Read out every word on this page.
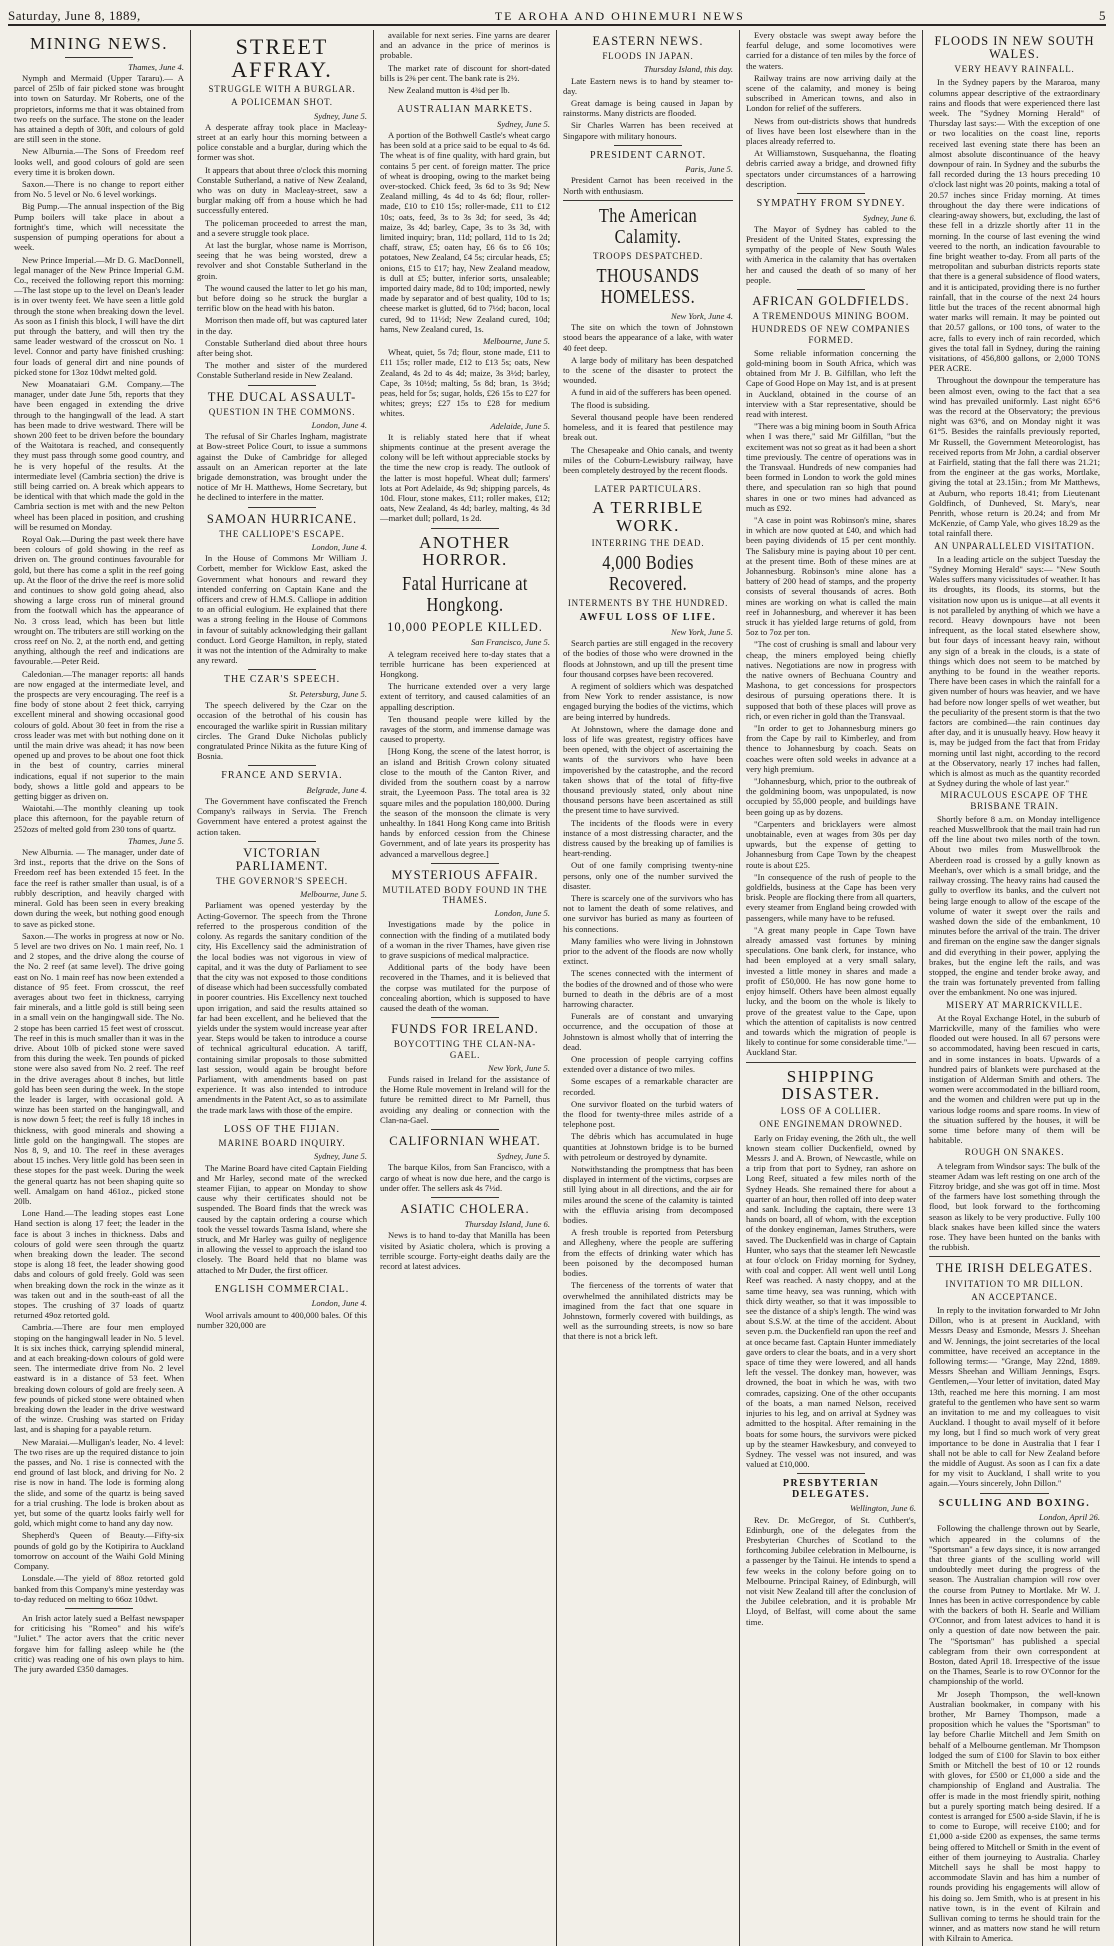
Saturday, June 8, 1889,	TE AROHA AND OHINEMURI NEWS	5
MINING NEWS.
Thames, June 4.

Nymph and Mermaid (Upper Tararu).— A parcel of 25lb of fair picked stone was brought into town on Saturday. Mr Roberts, one of the proprietors, informs me that it was obtained from two reefs on the surface. The stone on the leader has attained a depth of 30ft, and colours of gold are still seen in the stone.

New Alburnia.—The Sons of Freedom reef looks well, and good colours of gold are seen every time it is broken down.

Saxon.—There is no change to report either from No. 5 level or No. 6 level workings.

Big Pump.—The annual inspection of the Big Pump boilers will take place in about a fortnight's time, which will necessitate the suspension of pumping operations for about a week.

New Prince Imperial.—Mr D. G. MacDonnell, legal manager of the New Prince Imperial G.M. Co., received the following report this morning:—The last stope up to the level on Dean's leader is in over twenty feet. We have seen a little gold through the stone when breaking down the level. As soon as I finish this block, I will have the dirt put through the battery, and will then try the same leader westward of the crosscut on No. 1 level. Connor and party have finished crushing: four loads of general dirt and nine pounds of picked stone for 13oz 10dwt melted gold.

New Moanataiari G.M. Company.—The manager, under date June 5th, reports that they have been engaged in extending the drive through to the hangingwall of the lead. A start has been made to drive westward. There will be shown 200 feet to be driven before the boundary of the Waitotara is reached, and consequently they must pass through some good country, and he is very hopeful of the results. At the intermediate level (Cambria section) the drive is still being carried on. A break which appears to be identical with that which made the gold in the Cambria section is met with and the new Pelton wheel has been placed in position, and crushing will be resumed on Monday.

Royal Oak.—During the past week there have been colours of gold showing in the reef as driven on. The ground continues favourable for gold, but there has come a split in the reef going up. At the floor of the drive the reef is more solid and continues to show gold going ahead, also showing a large cross run of mineral ground from the footwall which has the appearance of No. 3 cross lead, which has been but little wrought on. The tributers are still working on the cross reef on No. 2, at the north end, and getting anything, although the reef and indications are favourable.—Peter Reid.

Caledonian.—The manager reports: all hands are now engaged at the intermediate level, and the prospects are very encouraging. The reef is a fine body of stone about 2 feet thick, carrying excellent mineral and showing occasional good colours of gold. About 30 feet in from the rise a cross leader was met with but nothing done on it until the main drive was ahead; it has now been opened up and proves to be about one foot thick in the best of country, carries mineral indications, equal if not superior to the main body, shows a little gold and appears to be getting bigger as driven on.

Waiotahi.—The monthly cleaning up took place this afternoon, for the payable return of 252ozs of melted gold from 230 tons of quartz.

Thames, June 5.

New Alburnia. — The manager, under date of 3rd inst., reports that the drive on the Sons of Freedom reef has been extended 15 feet. In the face the reef is rather smaller than usual, is of a rubbly description, and heavily charged with mineral. Gold has been seen in every breaking down during the week, but nothing good enough to save as picked stone.

Saxon.—The works in progress at now or No. 5 level are two drives on No. 1 main reef, No. 1 and 2 stopes, and the drive along the course of the No. 2 reef (at same level). The drive going east on No. 1 main reef has now been extended a distance of 95 feet. From crosscut, the reef averages about two feet in thickness, carrying fair minerals, and a little gold is still being seen in a small vein on the hangingwall side. The No. 2 stope has been carried 15 feet west of crosscut. The reef in this is much smaller than it was in the drive. About 10lb of picked stone were saved from this during the week. Ten pounds of picked stone were also saved from No. 2 reef. The reef in the drive averages about 8 inches, but little gold has been seen during the week. In the stope the leader is larger, with occasional gold. A winze has been started on the hangingwall, and is now down 5 feet; the reef is fully 18 inches in thickness, with good minerals and showing a little gold on the hangingwall. The stopes are Nos 8, 9, and 10. The reef in these averages about 15 inches. Very little gold has been seen in these stopes for the past week. During the week the general quartz has not been shaping quite so well. Amalgam on hand 461oz., picked stone 20lb.

Lone Hand.—The leading stopes east Lone Hand section is along 17 feet; the leader in the face is about 3 inches in thickness. Dabs and colours of gold were seen through the quartz when breaking down the leader. The second stope is along 18 feet, the leader showing good dabs and colours of gold freely. Gold was seen when breaking down the rock in the winze as it was taken out and in the south-east of all the stopes. The crushing of 37 loads of quartz returned 49oz retorted gold.

Cambria.—There are four men employed stoping on the hangingwall leader in No. 5 level. It is six inches thick, carrying splendid mineral, and at each breaking-down colours of gold were seen. The intermediate drive from No. 2 level eastward is in a distance of 53 feet. When breaking down colours of gold are freely seen. A few pounds of picked stone were obtained when breaking down the leader in the drive westward of the winze. Crushing was started on Friday last, and is shaping for a payable return.

New Maraiai.—Mulligan's leader, No. 4 level: The two rises are up the required distance to join the passes, and No. 1 rise is connected with the end ground of last block, and driving for No. 2 rise is now in hand. The lode is forming along the slide, and some of the quartz is being saved for a trial crushing. The lode is broken about as yet, but some of the quartz looks fairly well for gold, which might come to hand any day now.

Shepherd's Queen of Beauty.—Fifty-six pounds of gold go by the Kotipirira to Auckland tomorrow on account of the Waihi Gold Mining Company.

Lonsdale.—The yield of 88oz retorted gold banked from this Company's mine yesterday was to-day reduced on melting to 66oz 10dwt.

An Irish actor lately sued a Belfast newspaper for criticising his "Romeo" and his wife's "Juliet." The actor avers that the critic never forgave him for falling asleep while he (the critic) was reading one of his own plays to him. The jury awarded £350 damages.

STREET AFFRAY.
STRUGGLE WITH A BURGLAR.
A POLICEMAN SHOT.
Sydney, June 5.

A desperate affray took place in Macleay-street at an early hour this morning between a police constable and a burglar, during which the former was shot.

It appears that about three o'clock this morning Constable Sutherland, a native of New Zealand, who was on duty in Macleay-street, saw a burglar making off from a house which he had successfully entered.

The policeman proceeded to arrest the man, and a severe struggle took place.

At last the burglar, whose name is Morrison, seeing that he was being worsted, drew a revolver and shot Constable Sutherland in the groin.

The wound caused the latter to let go his man, but before doing so he struck the burglar a terrific blow on the head with his baton.

Morrison then made off, but was captured later in the day.

Constable Sutherland died about three hours after being shot.

The mother and sister of the murdered Constable Sutherland reside in New Zealand.

THE DUCAL ASSAULT-
QUESTION IN THE COMMONS.
London, June 4.

The refusal of Sir Charles Ingham, magistrate at Bow-street Police Court, to issue a summons against the Duke of Cambridge for alleged assault on an American reporter at the late brigade demonstration, was brought under the notice of Mr H. Matthews, Home Secretary, but he declined to interfere in the matter.

SAMOAN HURRICANE.
THE CALLIOPE'S ESCAPE.
London, June 4.

In the House of Commons Mr William J. Corbett, member for Wicklow East, asked the Government what honours and reward they intended conferring on Captain Kane and the officers and crew of H.M.S. Calliope in addition to an official eulogium. He explained that there was a strong feeling in the House of Commons in favour of suitably acknowledging their gallant conduct. Lord George Hamilton, in reply, stated it was not the intention of the Admiralty to make any reward.

THE CZAR'S SPEECH.
St. Petersburg, June 5.

The speech delivered by the Czar on the occasion of the betrothal of his cousin has encouraged the warlike spirit in Russian military circles. The Grand Duke Nicholas publicly congratulated Prince Nikita as the future King of Bosnia.

FRANCE AND SERVIA.
Belgrade, June 4.

The Government have confiscated the French Company's railways in Servia. The French Government have entered a protest against the action taken.

VICTORIAN PARLIAMENT.
THE GOVERNOR'S SPEECH.
Melbourne, June 5.

Parliament was opened yesterday by the Acting-Governor. The speech from the Throne referred to the prosperous condition of the colony. As regards the sanitary condition of the city, His Excellency said the administration of the local bodies was not vigorous in view of capital, and it was the duty of Parliament to see that the city was not exposed to those conditions of disease which had been successfully combated in poorer countries. His Excellency next touched upon irrigation, and said the results attained so far had been excellent, and he believed that the yields under the system would increase year after year. Steps would be taken to introduce a course of technical agricultural education. A tariff, containing similar proposals to those submitted last session, would again be brought before Parliament, with amendments based on past experience. It was also intended to introduce amendments in the Patent Act, so as to assimilate the trade mark laws with those of the empire.

LOSS OF THE FIJIAN.
MARINE BOARD INQUIRY.
Sydney, June 5.

The Marine Board have cited Captain Fielding and Mr Harley, second mate of the wrecked steamer Fijian, to appear on Monday to show cause why their certificates should not be suspended. The Board finds that the wreck was caused by the captain ordering a course which took the vessel towards Tasma Island, where she struck, and Mr Harley was guilty of negligence in allowing the vessel to approach the island too closely. The Board held that no blame was attached to Mr Duder, the first officer.

ENGLISH COMMERCIAL.
London, June 4.

Wool arrivals amount to 400,000 bales. Of this number 320,000 are

available for next series. Fine yarns are dearer and an advance in the price of merinos is probable.

The market rate of discount for short-dated bills is 2⅜ per cent. The bank rate is 2½.

New Zealand mutton is 4¾d per lb.

AUSTRALIAN MARKETS.
Sydney, June 5.

A portion of the Bothwell Castle's wheat cargo has been sold at a price said to be equal to 4s 6d. The wheat is of fine quality, with hard grain, but contains 5 per cent. of foreign matter. The price of wheat is drooping, owing to the market being over-stocked. Chick feed, 3s 6d to 3s 9d; New Zealand milling, 4s 4d to 4s 6d; flour, roller-made, £10 to £10 15s; roller-made, £11 to £12 10s; oats, feed, 3s to 3s 3d; for seed, 3s 4d; maize, 3s 4d; barley, Cape, 3s to 3s 3d, with limited inquiry; bran, 11d; pollard, 11d to 1s 2d; chaff, straw, £5; oaten hay, £6 6s to £6 10s; potatoes, New Zealand, £4 5s; circular heads, £5; onions, £15 to £17; hay, New Zealand meadow, is dull at £5; butter, inferior sorts, unsaleable; imported dairy made, 8d to 10d; imported, newly made by separator and of best quality, 10d to 1s; cheese market is glutted, 6d to 7½d; bacon, local cured, 9d to 11½d; New Zealand cured, 10d; hams, New Zealand cured, 1s.

Melbourne, June 5.

Wheat, quiet, 5s 7d; flour, stone made, £11 to £11 15s; roller made, £12 to £13 5s; oats, New Zealand, 4s 2d to 4s 4d; maize, 3s 3½d; barley, Cape, 3s 10½d; malting, 5s 8d; bran, 1s 3½d; peas, held for 5s; sugar, holds, £26 15s to £27 for whites; greys; £27 15s to £28 for medium whites.

Adelaide, June 5.

It is reliably stated here that if wheat shipments continue at the present average the colony will be left without appreciable stocks by the time the new crop is ready. The outlook of the latter is most hopeful. Wheat dull; farmers' lots at Port Adelaide, 4s 9d; shipping parcels, 4s 10d. Flour, stone makes, £11; roller makes, £12; oats, New Zealand, 4s 4d; barley, malting, 4s 3d—market dull; pollard, 1s 2d.

ANOTHER HORROR.
Fatal Hurricane at Hongkong.
10,000 PEOPLE KILLED.
San Francisco, June 5.

A telegram received here to-day states that a terrible hurricane has been experienced at Hongkong.

The hurricane extended over a very large extent of territory, and caused calamities of an appalling description.

Ten thousand people were killed by the ravages of the storm, and immense damage was caused to property.

[Hong Kong, the scene of the latest horror, is an island and British Crown colony situated close to the mouth of the Canton River, and divided from the southern coast by a narrow strait, the Lyeemoon Pass. The total area is 32 square miles and the population 180,000. During the season of the monsoon the climate is very unhealthy. In 1841 Hong Kong came into British hands by enforced cession from the Chinese Government, and of late years its prosperity has advanced a marvellous degree.]

MYSTERIOUS AFFAIR.
MUTILATED BODY FOUND IN THE THAMES.
London, June 5.

Investigations made by the police in connection with the finding of a mutilated body of a woman in the river Thames, have given rise to grave suspicions of medical malpractice.

Additional parts of the body have been recovered in the Thames, and it is believed that the corpse was mutilated for the purpose of concealing abortion, which is supposed to have caused the death of the woman.

FUNDS FOR IRELAND.
BOYCOTTING THE CLAN-NA-GAEL.
New York, June 5.

Funds raised in Ireland for the assistance of the Home Rule movement in Ireland will for the future be remitted direct to Mr Parnell, thus avoiding any dealing or connection with the Clan-na-Gael.

CALIFORNIAN WHEAT.
Sydney, June 5.

The barque Kilos, from San Francisco, with a cargo of wheat is now due here, and the cargo is under offer. The sellers ask 4s 7½d.

ASIATIC CHOLERA.
Thursday Island, June 6.

News is to hand to-day that Manilla has been visited by Asiatic cholera, which is proving a terrible scourge. Forty-eight deaths daily are the record at latest advices.

EASTERN NEWS.
FLOODS IN JAPAN.
Thursday Island, this day.

Late Eastern news is to hand by steamer to-day.

Great damage is being caused in Japan by rainstorms. Many districts are flooded.

Sir Charles Warren has been received at Singapore with military honours.

PRESIDENT CARNOT.
Paris, June 5.

President Carnot has been received in the North with enthusiasm.

The American Calamity.
TROOPS DESPATCHED.
THOUSANDS HOMELESS.
New York, June 4.

The site on which the town of Johnstown stood bears the appearance of a lake, with water 40 feet deep.

A large body of military has been despatched to the scene of the disaster to protect the wounded.

A fund in aid of the sufferers has been opened.

The flood is subsiding.

Several thousand people have been rendered homeless, and it is feared that pestilence may break out.

The Chesapeake and Ohio canals, and twenty miles of the Coburn-Lewisbury railway, have been completely destroyed by the recent floods.

LATER PARTICULARS.
A TERRIBLE WORK.
INTERRING THE DEAD.
4,000 Bodies Recovered.
INTERMENTS BY THE HUNDRED.
AWFUL LOSS OF LIFE.
New York, June 5.

Search parties are still engaged in the recovery of the bodies of those who were drowned in the floods at Johnstown, and up till the present time four thousand corpses have been recovered.

A regiment of soldiers which was despatched from New York to render assistance, is now engaged burying the bodies of the victims, which are being interred by hundreds.

At Johnstown, where the damage done and loss of life was greatest, registry offices have been opened, with the object of ascertaining the wants of the survivors who have been impoverished by the catastrophe, and the record taken shows that of the total of fifty-five thousand previously stated, only about nine thousand persons have been ascertained as still the present time to have survived.

The incidents of the floods were in every instance of a most distressing character, and the distress caused by the breaking up of families is heart-rending.

Out of one family comprising twenty-nine persons, only one of the number survived the disaster.

There is scarcely one of the survivors who has not to lament the death of some relatives, and one survivor has buried as many as fourteen of his connections.

Many families who were living in Johnstown prior to the advent of the floods are now wholly extinct.

The scenes connected with the interment of the bodies of the drowned and of those who were burned to death in the débris are of a most harrowing character.

Funerals are of constant and unvarying occurrence, and the occupation of those at Johnstown is almost wholly that of interring the dead.

One procession of people carrying coffins extended over a distance of two miles.

Some escapes of a remarkable character are recorded.

One survivor floated on the turbid waters of the flood for twenty-three miles astride of a telephone post.

The débris which has accumulated in huge quantities at Johnstown bridge is to be burned with petroleum or destroyed by dynamite.

Notwithstanding the promptness that has been displayed in interment of the victims, corpses are still lying about in all directions, and the air for miles around the scene of the calamity is tainted with the effluvia arising from decomposed bodies.

A fresh trouble is reported from Petersburg and Allegheny, where the people are suffering from the effects of drinking water which has been poisoned by the decomposed human bodies.

The fierceness of the torrents of water that overwhelmed the annihilated districts may be imagined from the fact that one square in Johnstown, formerly covered with buildings, as well as the surrounding streets, is now so bare that there is not a brick left.

Every obstacle was swept away before the fearful deluge, and some locomotives were carried for a distance of ten miles by the force of the waters.

Railway trains are now arriving daily at the scene of the calamity, and money is being subscribed in American towns, and also in London for relief of the sufferers.

News from out-districts shows that hundreds of lives have been lost elsewhere than in the places already referred to.

At Williamstown, Susquehanna, the floating debris carried away a bridge, and drowned fifty spectators under circumstances of a harrowing description.

SYMPATHY FROM SYDNEY.
Sydney, June 6.

The Mayor of Sydney has cabled to the President of the United States, expressing the sympathy of the people of New South Wales with America in the calamity that has overtaken her and caused the death of so many of her people.

AFRICAN GOLDFIELDS.
A TREMENDOUS MINING BOOM.
HUNDREDS OF NEW COMPANIES FORMED.

Some reliable information concerning the gold-mining boom in South Africa, which was obtained from Mr J. B. Gilfillan, who left the Cape of Good Hope on May 1st, and is at present in Auckland, obtained in the course of an interview with a Star representative, should be read with interest.

"There was a big mining boom in South Africa when I was there," said Mr Gilfillan, "but the excitement was not so great as it had been a short time previously. The centre of operations was in the Transvaal. Hundreds of new companies had been formed in London to work the gold mines there, and speculation ran so high that pound shares in one or two mines had advanced as much as £92.

"A case in point was Robinson's mine, shares in which are now quoted at £40, and which had been paying dividends of 15 per cent monthly. The Salisbury mine is paying about 10 per cent. at the present time. Both of these mines are at Johannesburg. Robinson's mine alone has a battery of 200 head of stamps, and the property consists of several thousands of acres. Both mines are working on what is called the main reef in Johannesburg, and wherever it has been struck it has yielded large returns of gold, from 5oz to 7oz per ton.

"The cost of crushing is small and labour very cheap, the miners employed being chiefly natives. Negotiations are now in progress with the native owners of Bechuana Country and Mashona, to get concessions for prospectors desirous of pursuing operations there. It is supposed that both of these places will prove as rich, or even richer in gold than the Transvaal.

"In order to get to Johannesburg miners go from the Cape by rail to Kimberley, and from thence to Johannesburg by coach. Seats on coaches were often sold weeks in advance at a very high premium.

"Johannesburg, which, prior to the outbreak of the goldmining boom, was unpopulated, is now occupied by 55,000 people, and buildings have been going up as by dozens.

"Carpenters and bricklayers were almost unobtainable, even at wages from 30s per day upwards, but the expense of getting to Johannesburg from Cape Town by the cheapest route is about £25.

"In consequence of the rush of people to the goldfields, business at the Cape has been very brisk. People are flocking there from all quarters, every steamer from England being crowded with passengers, while many have to be refused.

"A great many people in Cape Town have already amassed vast fortunes by mining speculations. One bank clerk, for instance, who had been employed at a very small salary, invested a little money in shares and made a profit of £50,000. He has now gone home to enjoy himself. Others have been almost equally lucky, and the boom on the whole is likely to prove of the greatest value to the Cape, upon which the attention of capitalists is now centred and towards which the migration of people is likely to continue for some considerable time."—Auckland Star.

SHIPPING DISASTER.
LOSS OF A COLLIER.
ONE ENGINEMAN DROWNED.

Early on Friday evening, the 26th ult., the well known steam collier Duckenfield, owned by Messrs J. and A. Brown, of Newcastle, while on a trip from that port to Sydney, ran ashore on Long Reef, situated a few miles north of the Sydney Heads. She remained there for about a quarter of an hour, then rolled off into deep water and sank. Including the captain, there were 13 hands on board, all of whom, with the exception of the donkey engineman, James Struthers, were saved. The Duckenfield was in charge of Captain Hunter, who says that the steamer left Newcastle at four o'clock on Friday morning for Sydney, with coal and copper. All went well until Long Reef was reached. A nasty choppy, and at the same time heavy, sea was running, which with thick dirty weather, so that it was impossible to see the distance of a ship's length. The wind was about S.S.W. at the time of the accident. About seven p.m. the Duckenfield ran upon the reef and at once became fast. Captain Hunter immediately gave orders to clear the boats, and in a very short space of time they were lowered, and all hands left the vessel. The donkey man, however, was drowned, the boat in which he was, with two comrades, capsizing. One of the other occupants of the boats, a man named Nelson, received injuries to his leg, and on arrival at Sydney was admitted to the hospital. After remaining in the boats for some hours, the survivors were picked up by the steamer Hawkesbury, and conveyed to Sydney. The vessel was not insured, and was valued at £10,000.

PRESBYTERIAN DELEGATES.
Wellington, June 6.

Rev. Dr. McGregor, of St. Cuthbert's, Edinburgh, one of the delegates from the Presbyterian Churches of Scotland to the forthcoming Jubilee celebration in Melbourne, is a passenger by the Tainui. He intends to spend a few weeks in the colony before going on to Melbourne. Principal Rainey, of Edinburgh, will not visit New Zealand till after the conclusion of the Jubilee celebration, and it is probable Mr Lloyd, of Belfast, will come about the same time.

FLOODS IN NEW SOUTH WALES.
VERY HEAVY RAINFALL.

In the Sydney papers by the Mararoa, many columns appear descriptive of the extraordinary rains and floods that were experienced there last week. The "Sydney Morning Herald" of Thursday last says:— With the exception of one or two localities on the coast line, reports received last evening state there has been an almost absolute discontinuance of the heavy downpour of rain. In Sydney and the suburbs the fall recorded during the 13 hours preceding 10 o'clock last night was 20 points, making a total of 20.57 inches since Friday morning. At times throughout the day there were indications of clearing-away showers, but, excluding, the last of these fell in a drizzle shortly after 11 in the morning. In the course of last evening the wind veered to the north, an indication favourable to fine bright weather to-day. From all parts of the metropolitan and suburban districts reports state that there is a general subsidence of flood waters, and it is anticipated, providing there is no further rainfall, that in the course of the next 24 hours little but the traces of the recent abnormal high water marks will remain. It may be pointed out that 20.57 gallons, or 100 tons, of water to the acre, falls to every inch of rain recorded, which gives the total fall in Sydney, during the raining visitations, of 456,800 gallons, or 2,000 TONS PER ACRE.

Throughout the downpour the temperature has been almost even, owing to the fact that a sea wind has prevailed uniformly. Last night 65°6 was the record at the Observatory; the previous night was 63°6, and on Monday night it was 61°5. Besides the rainfalls previously reported, Mr Russell, the Government Meteorologist, has received reports from Mr John, a cardial observer at Fairfield, stating that the fall there was 21.21; from the engineer at the gas works, Mortlake, giving the total at 23.15in.; from Mr Matthews, at Auburn, who reports 18.41; from Lieutenant Goldfinch, of Dunheved, St. Mary's, near Penrith, whose return is 20.24; and from Mr McKenzie, of Camp Yale, who gives 18.29 as the total rainfall there.

AN UNPARALLELED VISITATION.

In a leading article on the subject Tuesday the "Sydney Morning Herald" says:— "New South Wales suffers many vicissitudes of weather. It has its droughts, its floods, its storms, but the visitation now upon us is unique—at all events it is not paralleled by anything of which we have a record. Heavy downpours have not been infrequent, as the local stated elsewhere show, but four days of incessant heavy rain, without any sign of a break in the clouds, is a state of things which does not seem to be matched by anything to be found in the weather reports. There have been cases in which the rainfall for a given number of hours was heavier, and we have had before now longer spells of wet weather, but the peculiarity of the present storm is that the two factors are combined—the rain continues day after day, and it is unusually heavy. How heavy it is, may be judged from the fact that from Friday morning until last night, according to the record at the Observatory, nearly 17 inches had fallen, which is almost as much as the quantity recorded at Sydney during the whole of last year."

MIRACULOUS ESCAPE OF THE BRISBANE TRAIN.

Shortly before 8 a.m. on Monday intelligence reached Muswellbrook that the mail train had run off the line about two miles north of the town. About two miles from Muswellbrook the Aberdeen road is crossed by a gully known as Meehan's, over which is a small bridge, and the railway crossing. The heavy rains had caused the gully to overflow its banks, and the culvert not being large enough to allow of the escape of the volume of water it swept over the rails and washed down the side of the embankment, 10 minutes before the arrival of the train. The driver and fireman on the engine saw the danger signals and did everything in their power, applying the brakes, but the engine left the rails, and was stopped, the engine and tender broke away, and the train was fortunately prevented from falling over the embankment. No one was injured.

MISERY AT MARRICKVILLE.

At the Royal Exchange Hotel, in the suburb of Marrickville, many of the families who were flooded out were housed. In all 67 persons were so accommodated, having been rescued in carts, and in some instances in boats. Upwards of a hundred pairs of blankets were purchased at the instigation of Alderman Smith and others. The women were accommodated in the billiard room, and the women and children were put up in the various lodge rooms and spare rooms. In view of the situation suffered by the houses, it will be some time before many of them will be habitable.

ROUGH ON SNAKES.

A telegram from Windsor says: The bulk of the steamer Adam was left resting on one arch of the Fitzroy bridge, and she was got off in time. Most of the farmers have lost something through the flood, but look forward to the forthcoming season as likely to be very productive. Fully 100 black snakes have been killed since the waters rose. They have been hunted on the banks with the rubbish.

THE IRISH DELEGATES.
INVITATION TO MR DILLON.
AN ACCEPTANCE.

In reply to the invitation forwarded to Mr John Dillon, who is at present in Auckland, with Messrs Deasy and Esmonde, Messrs J. Sheehan and W. Jennings, the joint secretaries of the local committee, have received an acceptance in the following terms:— "Grange, May 22nd, 1889. Messrs Sheehan and William Jennings, Esqrs. Gentlemen,—Your letter of invitation, dated May 13th, reached me here this morning. I am most grateful to the gentlemen who have sent so warm an invitation to me and my colleagues to visit Auckland. I thought to avail myself of it before my long, but I find so much work of very great importance to be done in Australia that I fear I shall not be able to call for New Zealand before the middle of August. As soon as I can fix a date for my visit to Auckland, I shall write to you again.—Yours sincerely, John Dillon."

SCULLING AND BOXING.
London, April 26.

Following the challenge thrown out by Searle, which appeared in the columns of the "Sportsman" a few days since, it is now arranged that three giants of the sculling world will undoubtedly meet during the progress of the season. The Australian champion will row over the course from Putney to Mortlake. Mr W. J. Innes has been in active correspondence by cable with the backers of both H. Searle and William O'Connor, and from latest advices to hand it is only a question of date now between the pair. The "Sportsman" has published a special cablegram from their own correspondent at Boston, dated April 18. Irrespective of the issue on the Thames, Searle is to row O'Connor for the championship of the world.

Mr Joseph Thompson, the well-known Australian bookmaker, in company with his brother, Mr Barney Thompson, made a proposition which he values the "Sportsman" to lay before Charlie Mitchell and Jem Smith on behalf of a Melbourne gentleman. Mr Thompson lodged the sum of £100 for Slavin to box either Smith or Mitchell the best of 10 or 12 rounds with gloves, for £500 or £1,000 a side and the championship of England and Australia. The offer is made in the most friendly spirit, nothing but a purely sporting match being desired. If a contest is arranged for £500 a-side Slavin, if he is to come to Europe, will receive £100; and for £1,000 a-side £200 as expenses, the same terms being offered to Mitchell or Smith in the event of either of them journeying to Australia. Charley Mitchell says he shall be most happy to accommodate Slavin and has him a number of rounds providing his engagements will allow of his doing so. Jem Smith, who is at present in his native town, is in the event of Kilrain and Sullivan coming to terms he should train for the winner, and as matters now stand he will return with Kilrain to America.
